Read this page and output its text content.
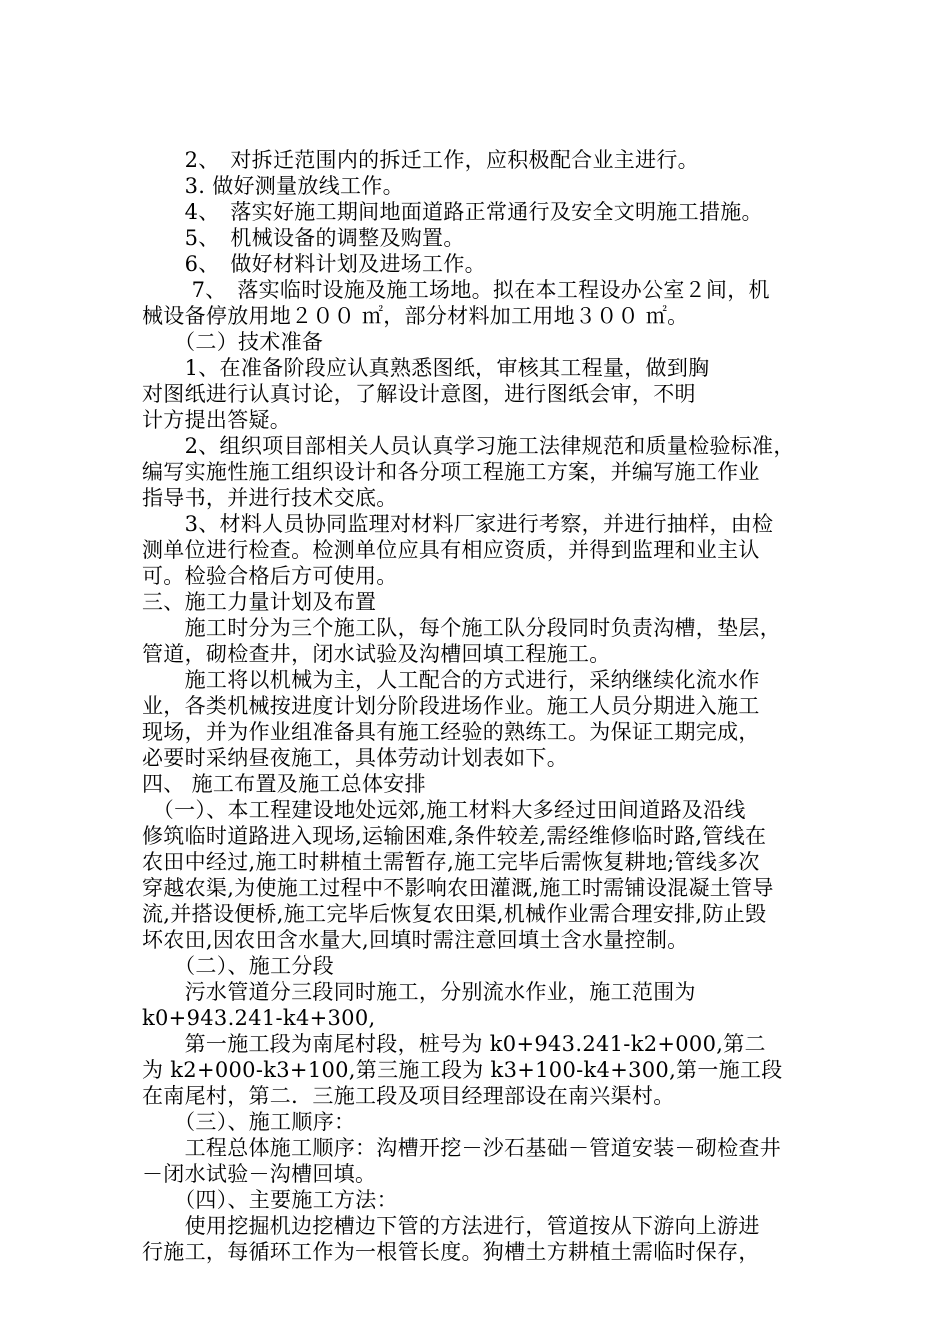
　　2、　对拆迁范围内的拆迁工作，应积极配合业主进行。
　　3. 做好测量放线工作。
　　4、　落实好施工期间地面道路正常通行及安全文明施工措施。
　　5、　机械设备的调整及购置。
　　6、　做好材料计划及进场工作。
　　 7、　落实临时设施及施工场地。拟在本工程设办公室２间，机
械设备停放用地２００ ㎡，部分材料加工用地３００ ㎡。
　　（二）技术准备
　　1、在准备阶段应认真熟悉图纸，审核其工程量，做到胸
对图纸进行认真讨论，了解设计意图，进行图纸会审，不明
计方提出答疑。
　　2、组织项目部相关人员认真学习施工法律规范和质量检验标准，
编写实施性施工组织设计和各分项工程施工方案，并编写施工作业
指导书，并进行技术交底。
　　3、材料人员协同监理对材料厂家进行考察，并进行抽样，由检
测单位进行检查。检测单位应具有相应资质，并得到监理和业主认
可。检验合格后方可使用。
三、施工力量计划及布置
　　施工时分为三个施工队，每个施工队分段同时负责沟槽，垫层，
管道，砌检查井，闭水试验及沟槽回填工程施工。
　　施工将以机械为主，人工配合的方式进行，采纳继续化流水作
业，各类机械按进度计划分阶段进场作业。施工人员分期进入施工
现场，并为作业组准备具有施工经验的熟练工。为保证工期完成，
必要时采纳昼夜施工，具体劳动计划表如下。
四、 施工布置及施工总体安排
　（一）、本工程建设地处远郊,施工材料大多经过田间道路及沿线
修筑临时道路进入现场,运输困难,条件较差,需经维修临时路,管线在
农田中经过,施工时耕植土需暂存,施工完毕后需恢复耕地;管线多次
穿越农渠,为使施工过程中不影响农田灌溉,施工时需铺设混凝土管导
流,并搭设便桥,施工完毕后恢复农田渠,机械作业需合理安排,防止毁
坏农田,因农田含水量大,回填时需注意回填土含水量控制。
　　（二）、施工分段
　　污水管道分三段同时施工，分别流水作业，施工范围为
k0+943.241-k4+300,
　　第一施工段为南尾村段，桩号为 k0+943.241-k2+000,第二
为 k2+000-k3+100,第三施工段为 k3+100-k4+300,第一施工段
在南尾村，第二．三施工段及项目经理部设在南兴渠村。
　　（三）、施工顺序：
　　工程总体施工顺序：沟槽开挖－沙石基础－管道安装－砌检查井
－闭水试验－沟槽回填。
　　（四）、主要施工方法：
　　使用挖掘机边挖槽边下管的方法进行，管道按从下游向上游进
行施工，每循环工作为一根管长度。狗槽土方耕植土需临时保存，
